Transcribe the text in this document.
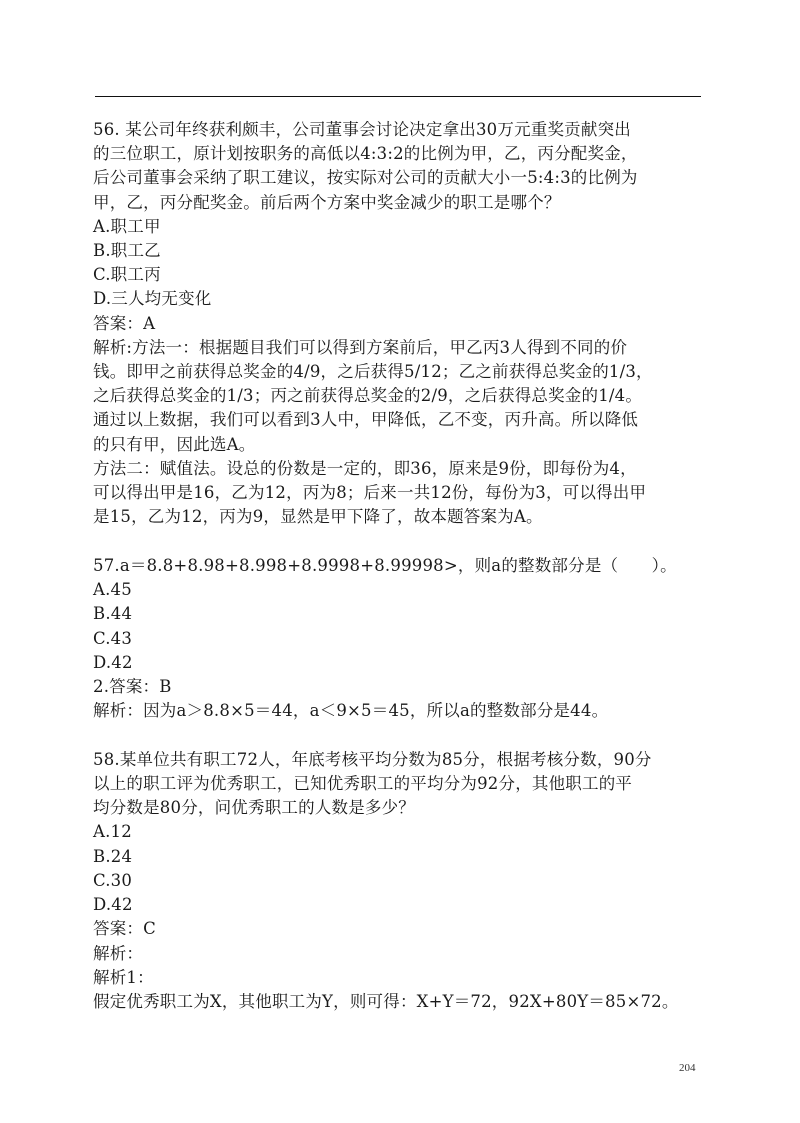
56. 某公司年终获利颇丰，公司董事会讨论决定拿出30万元重奖贡献突出

的三位职工，原计划按职务的高低以4:3:2的比例为甲，乙，丙分配奖金，

后公司董事会采纳了职工建议，按实际对公司的贡献大小一5:4:3的比例为

甲，乙，丙分配奖金。前后两个方案中奖金减少的职工是哪个？

A.职工甲

B.职工乙

C.职工丙

D.三人均无变化

答案：A

解析:方法一：根据题目我们可以得到方案前后，甲乙丙3人得到不同的价

钱。即甲之前获得总奖金的4/9，之后获得5/12；乙之前获得总奖金的1/3，

之后获得总奖金的1/3；丙之前获得总奖金的2/9，之后获得总奖金的1/4。

通过以上数据，我们可以看到3人中，甲降低，乙不变，丙升高。所以降低

的只有甲，因此选A。

方法二：赋值法。设总的份数是一定的，即36，原来是9份，即每份为4，

可以得出甲是16，乙为12，丙为8；后来一共12份，每份为3，可以得出甲

是15，乙为12，丙为9，显然是甲下降了，故本题答案为A。

57.a＝8.8+8.98+8.998+8.9998+8.99998>，则a的整数部分是（　　）。

A.45

B.44

C.43

D.42

2.答案：B

解析：因为a＞8.8×5＝44，a＜9×5＝45，所以a的整数部分是44。

58.某单位共有职工72人，年底考核平均分数为85分，根据考核分数，90分

以上的职工评为优秀职工，已知优秀职工的平均分为92分，其他职工的平

均分数是80分，问优秀职工的人数是多少？

A.12

B.24

C.30

D.42

答案：C

解析：

解析1：

假定优秀职工为X，其他职工为Y，则可得：X+Y＝72，92X+80Y＝85×72。

204
